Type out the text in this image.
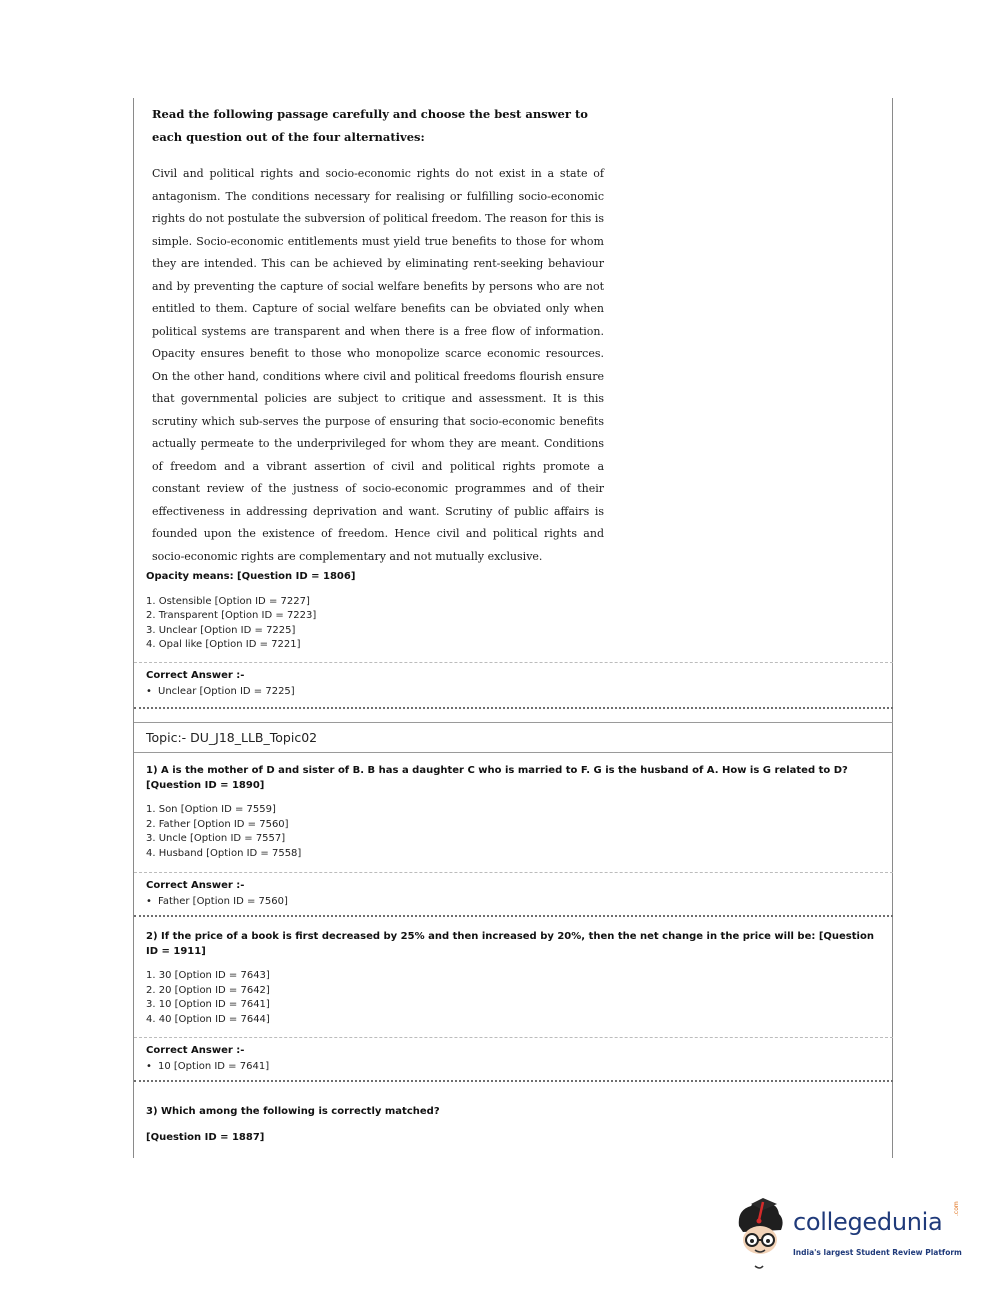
Read the following passage carefully and choose the best answer to each question out of the four alternatives:
Civil and political rights and socio-economic rights do not exist in a state of antagonism. The conditions necessary for realising or fulfilling socio-economic rights do not postulate the subversion of political freedom. The reason for this is simple. Socio-economic entitlements must yield true benefits to those for whom they are intended. This can be achieved by eliminating rent-seeking behaviour and by preventing the capture of social welfare benefits by persons who are not entitled to them. Capture of social welfare benefits can be obviated only when political systems are transparent and when there is a free flow of information. Opacity ensures benefit to those who monopolize scarce economic resources. On the other hand, conditions where civil and political freedoms flourish ensure that governmental policies are subject to critique and assessment. It is this scrutiny which sub-serves the purpose of ensuring that socio-economic benefits actually permeate to the underprivileged for whom they are meant. Conditions of freedom and a vibrant assertion of civil and political rights promote a constant review of the justness of socio-economic programmes and of their effectiveness in addressing deprivation and want. Scrutiny of public affairs is founded upon the existence of freedom. Hence civil and political rights and socio-economic rights are complementary and not mutually exclusive.
Opacity means: [Question ID = 1806]
1. Ostensible [Option ID = 7227]
2. Transparent [Option ID = 7223]
3. Unclear [Option ID = 7225]
4. Opal like [Option ID = 7221]
Correct Answer :-
• Unclear [Option ID = 7225]
Topic:- DU_J18_LLB_Topic02
1) A is the mother of D and sister of B. B has a daughter C who is married to F. G is the husband of A. How is G related to D? [Question ID = 1890]
1. Son [Option ID = 7559]
2. Father [Option ID = 7560]
3. Uncle [Option ID = 7557]
4. Husband [Option ID = 7558]
Correct Answer :-
• Father [Option ID = 7560]
2) If the price of a book is first decreased by 25% and then increased by 20%, then the net change in the price will be: [Question ID = 1911]
1. 30 [Option ID = 7643]
2. 20 [Option ID = 7642]
3. 10 [Option ID = 7641]
4. 40 [Option ID = 7644]
Correct Answer :-
• 10 [Option ID = 7641]
3) Which among the following is correctly matched?
[Question ID = 1887]
collegedunia .com
India's largest Student Review Platform
